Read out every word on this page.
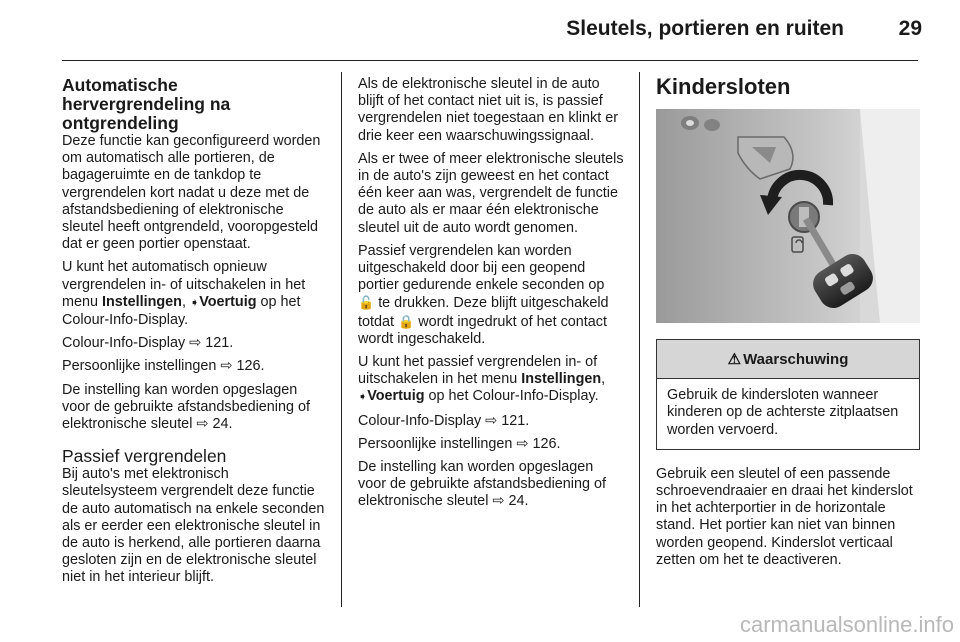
Sleutels, portieren en ruiten	29
Automatische hervergrendeling na ontgrendeling

Deze functie kan geconfigureerd worden om automatisch alle portieren, de bagageruimte en de tankdop te vergrendelen kort nadat u deze met de afstandsbediening of elektronische sleutel heeft ontgrendeld, vooropgesteld dat er geen portier openstaat.

U kunt het automatisch opnieuw vergrendelen in- of uitschakelen in het menu Instellingen, ➧Voertuig op het Colour-Info-Display.

Colour-Info-Display ⇨ 121.

Persoonlijke instellingen ⇨ 126.

De instelling kan worden opgeslagen voor de gebruikte afstandsbediening of elektronische sleutel ⇨ 24.

Passief vergrendelen

Bij auto's met elektronisch sleutelsysteem vergrendelt deze functie de auto automatisch na enkele seconden als er eerder een elektronische sleutel in de auto is herkend, alle portieren daarna gesloten zijn en de elektronische sleutel niet in het interieur blijft.

Als de elektronische sleutel in de auto blijft of het contact niet uit is, is passief vergrendelen niet toegestaan en klinkt er drie keer een waarschuwingssignaal.

Als er twee of meer elektronische sleutels in de auto's zijn geweest en het contact één keer aan was, vergrendelt de functie de auto als er maar één elektronische sleutel uit de auto wordt genomen.

Passief vergrendelen kan worden uitgeschakeld door bij een geopend portier gedurende enkele seconden op 🔓 te drukken. Deze blijft uitgeschakeld totdat 🔒 wordt ingedrukt of het contact wordt ingeschakeld.

U kunt het passief vergrendelen in- of uitschakelen in het menu Instellingen, ➧Voertuig op het Colour-Info-Display.

Colour-Info-Display ⇨ 121.

Persoonlijke instellingen ⇨ 126.

De instelling kan worden opgeslagen voor de gebruikte afstandsbediening of elektronische sleutel ⇨ 24.

Kindersloten
⚠ Waarschuwing
Gebruik de kindersloten wanneer kinderen op de achterste zitplaatsen worden vervoerd.

Gebruik een sleutel of een passende schroevendraaier en draai het kinderslot in het achterportier in de horizontale stand. Het portier kan niet van binnen worden geopend. Kinderslot verticaal zetten om het te deactiveren.

carmanualsonline.info
